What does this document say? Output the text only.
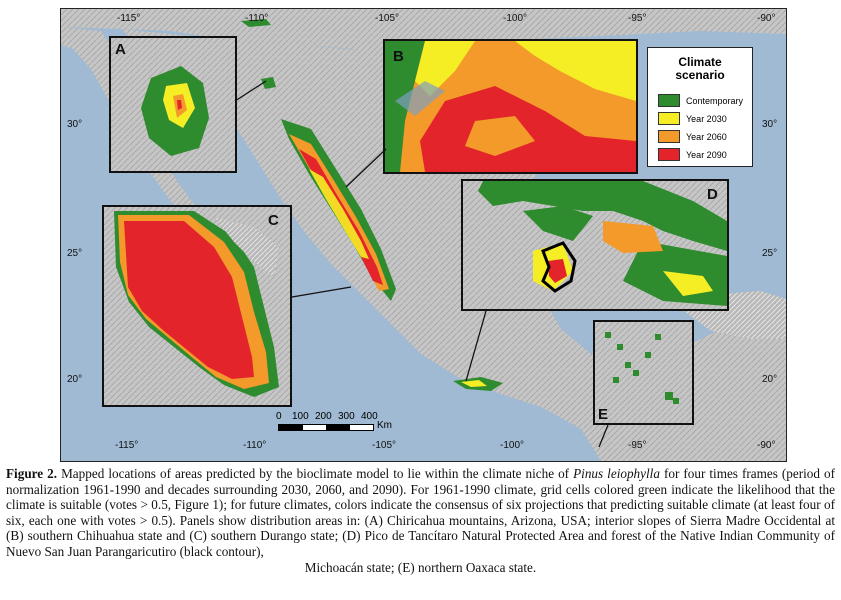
A	B
C
D
E
-115°	-110°	-105°	-100°	-95°	-90°
-115°	-110°	-105°	-100°	-95°	-90°
30°
25°
20°
30°
25°
20°
Climate
scenario
Contemporary
Year 2030
Year 2060
Year 2090
0 100 200 300 400
Km
Figure 2. Mapped locations of areas predicted by the bioclimate model to lie within the climate niche of Pinus leiophylla for four times frames (period of normalization 1961-1990 and decades surrounding 2030, 2060, and 2090). For 1961-1990 climate, grid cells colored green indicate the likelihood that the climate is suitable (votes > 0.5, Figure 1); for future climates, colors indicate the consensus of six projections that predicting suitable climate (at least four of six, each one with votes > 0.5). Panels show distribution areas in: (A) Chiricahua mountains, Arizona, USA; interior slopes of Sierra Madre Occidental at (B) southern Chihuahua state and (C) southern Durango state; (D) Pico de Tancítaro Natural Protected Area and forest of the Native Indian Community of Nuevo San Juan Parangaricutiro (black contour),
Michoacán state; (E) northern Oaxaca state.
